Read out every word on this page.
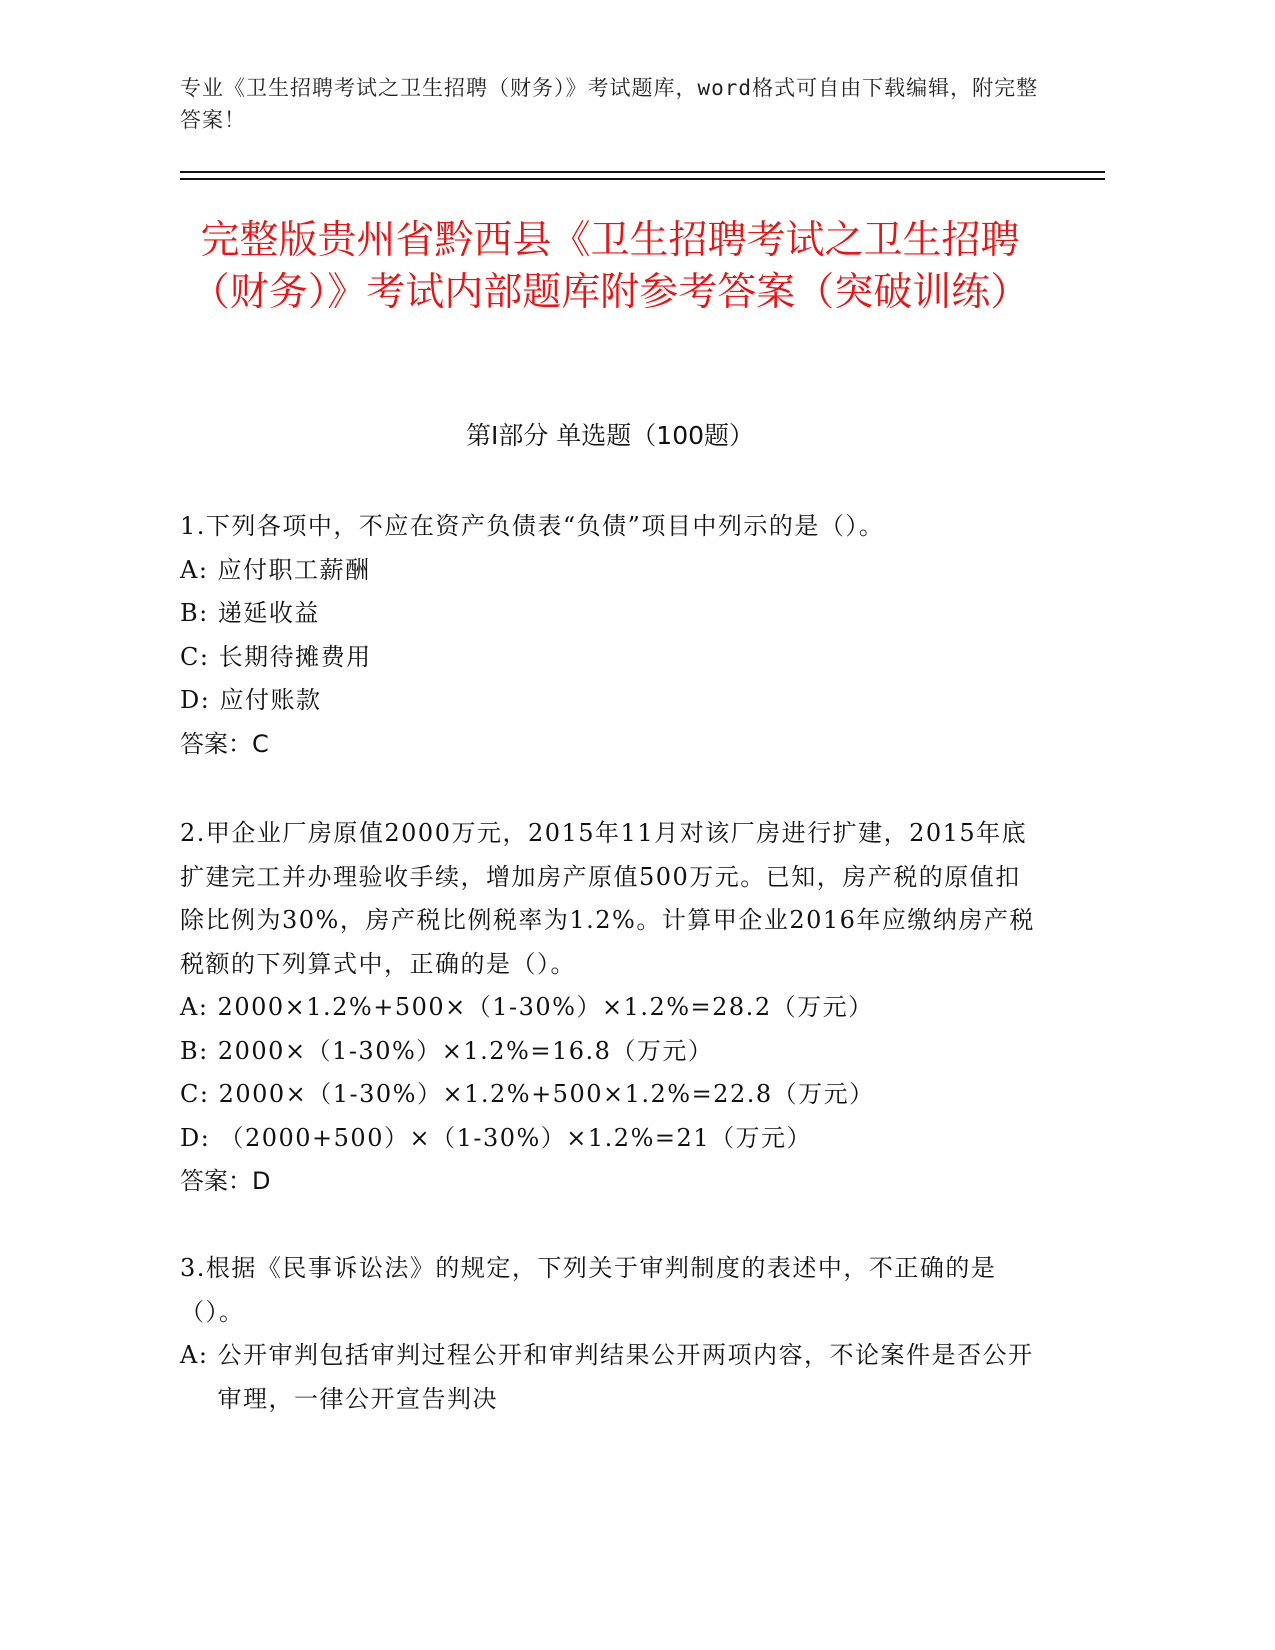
专业《卫生招聘考试之卫生招聘（财务）》考试题库，word格式可自由下载编辑，附完整答案！
完整版贵州省黔西县《卫生招聘考试之卫生招聘（财务）》考试内部题库附参考答案（突破训练）
第Ⅰ部分 单选题（100题）
1.下列各项中，不应在资产负债表“负债”项目中列示的是（）。
A: 应付职工薪酬
B: 递延收益
C: 长期待摊费用
D: 应付账款
答案：C
2.甲企业厂房原值2000万元，2015年11月对该厂房进行扩建，2015年底扩建完工并办理验收手续，增加房产原值500万元。已知，房产税的原值扣除比例为30%，房产税比例税率为1.2%。计算甲企业2016年应缴纳房产税税额的下列算式中，正确的是（）。
A: 2000×1.2%+500×（1-30%）×1.2%=28.2（万元）
B: 2000×（1-30%）×1.2%=16.8（万元）
C: 2000×（1-30%）×1.2%+500×1.2%=22.8（万元）
D: （2000+500）×（1-30%）×1.2%=21（万元）
答案：D
3.根据《民事诉讼法》的规定，下列关于审判制度的表述中，不正确的是（）。
A: 公开审判包括审判过程公开和审判结果公开两项内容，不论案件是否公开审理，一律公开宣告判决
